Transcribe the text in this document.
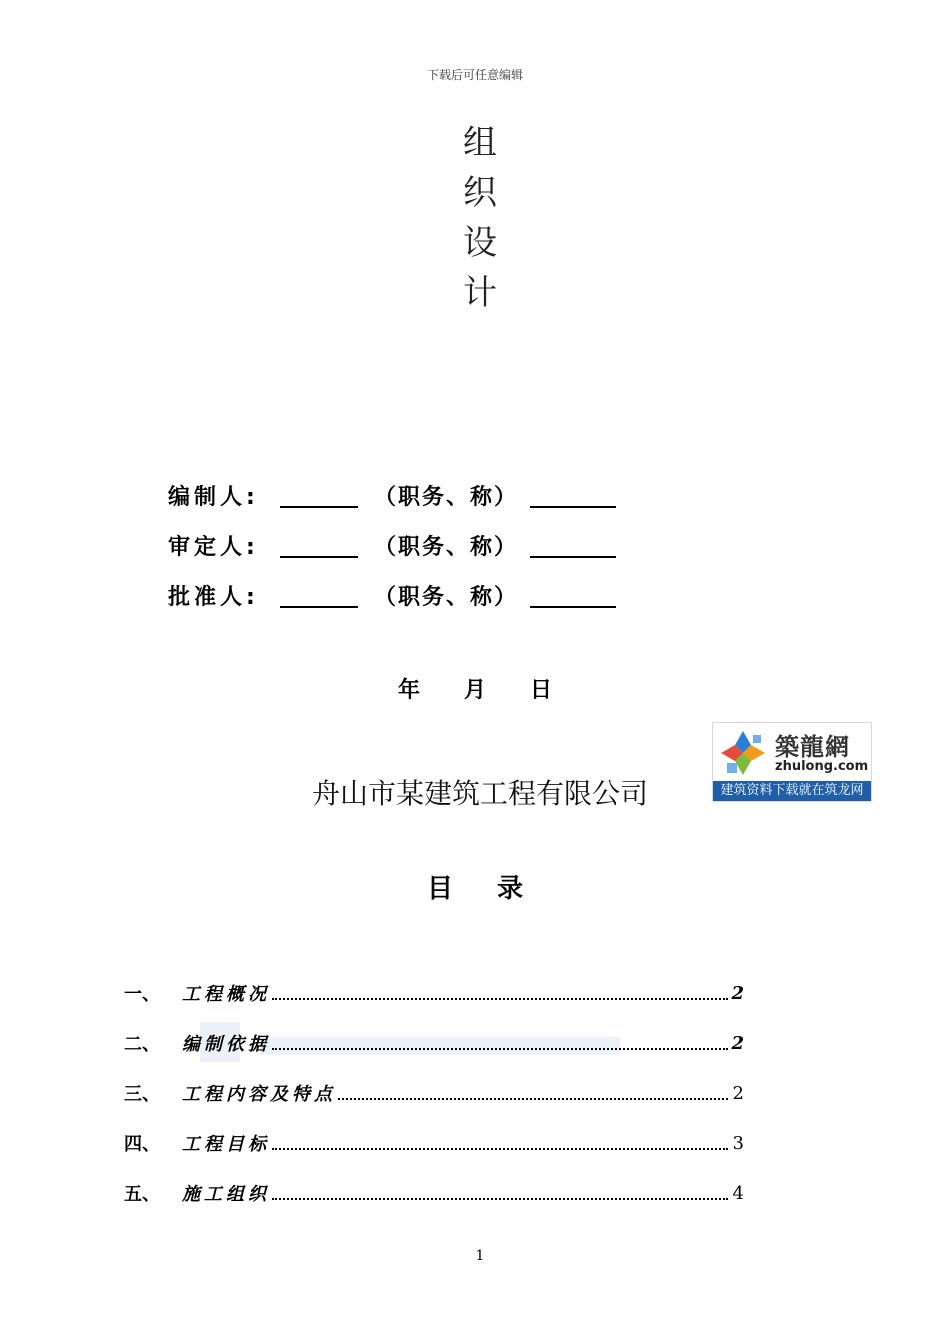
下载后可任意编辑
组
织
设
计
编制人:	（职务、称）
审定人:	（职务、称）
批准人:	（职务、称）
年 月 日
築龍網
zhulong.com
建筑资料下载就在筑龙网
舟山市某建筑工程有限公司
目 录
一、	工程概况	2
二、	编制依据	2
三、	工程内容及特点	2
四、	工程目标	3
五、	施工组织	4
1
